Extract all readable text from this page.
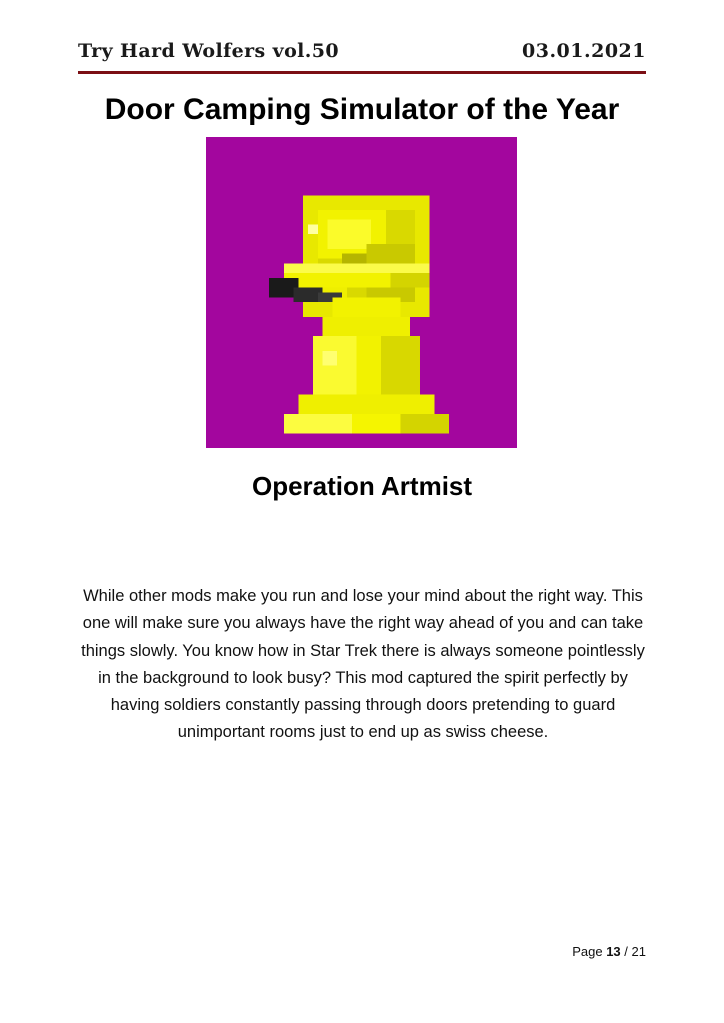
Try Hard Wolfers vol.50	03.01.2021
Door Camping Simulator of the Year
Operation Artmist
While other mods make you run and lose your mind about the right way. This one will make sure you always have the right way ahead of you and can take things slowly. You know how in Star Trek there is always someone pointlessly in the background to look busy? This mod captured the spirit perfectly by having soldiers constantly passing through doors pretending to guard unimportant rooms just to end up as swiss cheese.
Page 13 / 21
